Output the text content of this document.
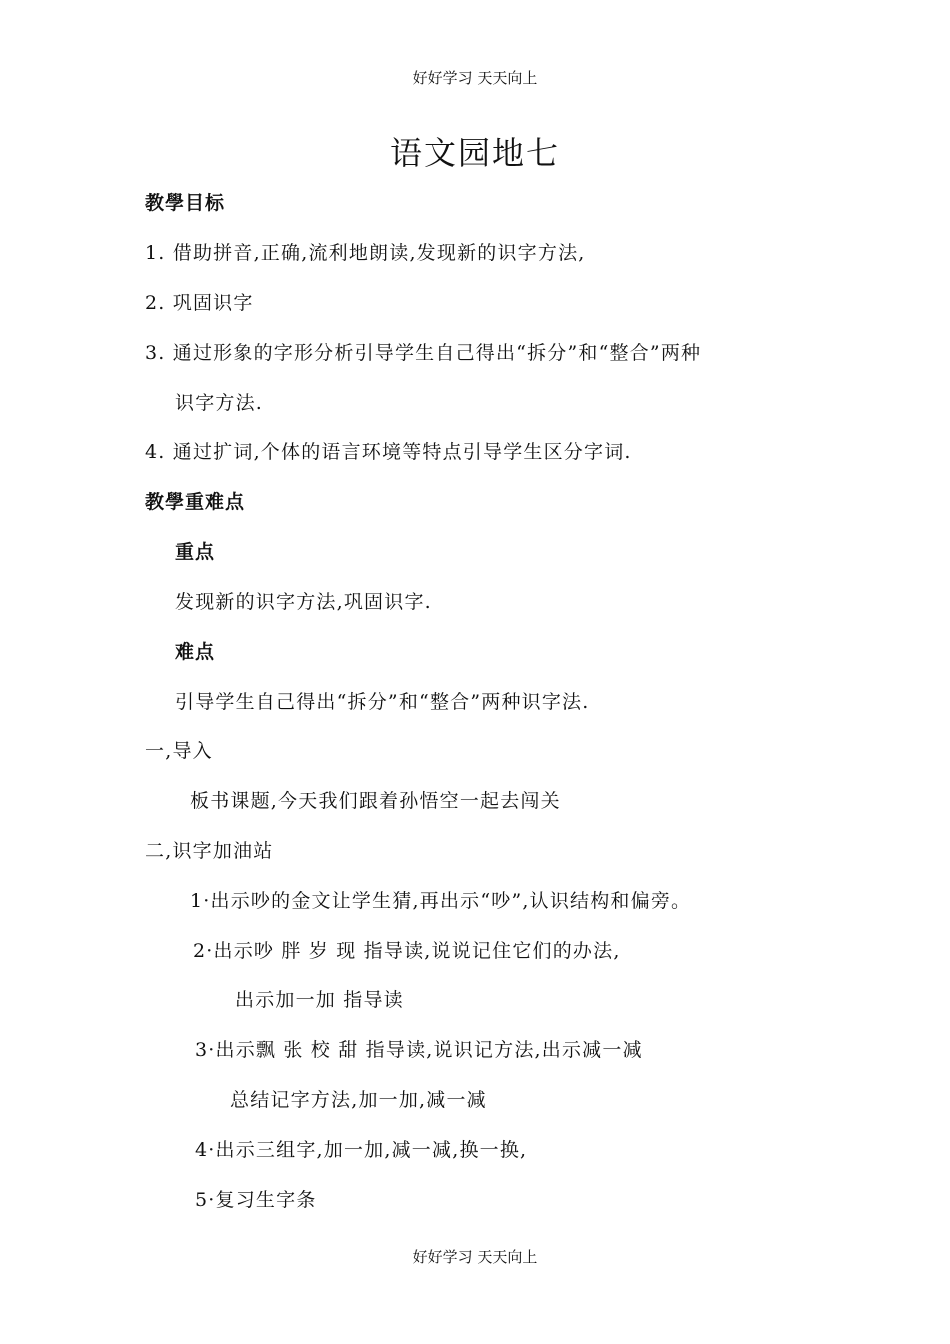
好好学习 天天向上
语文园地七
教學目标
1. 借助拼音,正确,流利地朗读,发现新的识字方法,
2. 巩固识字
3. 通过形象的字形分析引导学生自己得出“拆分”和“整合”两种
识字方法.
4. 通过扩词,个体的语言环境等特点引导学生区分字词.
教學重难点
重点
发现新的识字方法,巩固识字.
难点
引导学生自己得出“拆分”和“整合”两种识字法.
一,导入
板书课题,今天我们跟着孙悟空一起去闯关
二,识字加油站
1·出示吵的金文让学生猜,再出示“吵”,认识结构和偏旁。
2·出示吵 胖 岁 现 指导读,说说记住它们的办法,
出示加一加 指导读
3·出示飘 张 校 甜 指导读,说识记方法,出示减一减
总结记字方法,加一加,减一减
4·出示三组字,加一加,减一减,换一换,
5·复习生字条
好好学习 天天向上
